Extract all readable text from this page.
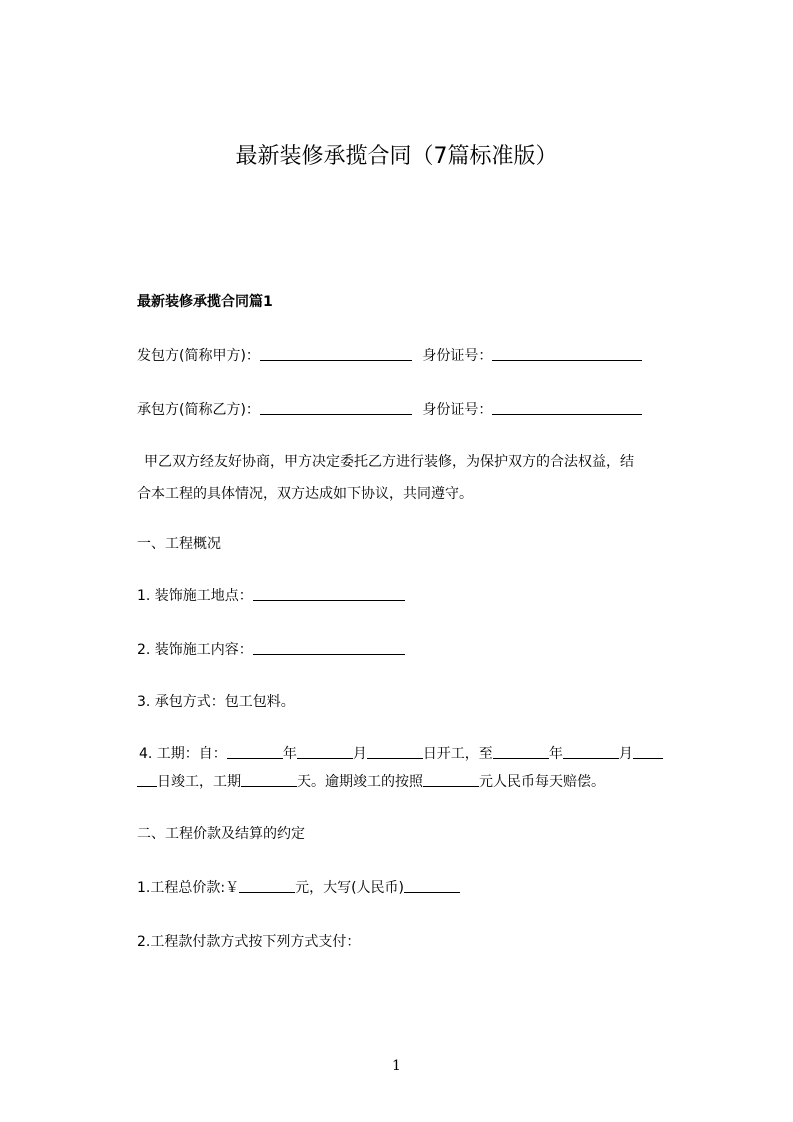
最新装修承揽合同（7篇标准版）
最新装修承揽合同篇1
发包方(简称甲方)：	身份证号：
承包方(简称乙方)：	身份证号：
甲乙双方经友好协商，甲方决定委托乙方进行装修，为保护双方的合法权益，结
合本工程的具体情况，双方达成如下协议，共同遵守。
一、工程概况
1. 装饰施工地点：
2. 装饰施工内容：
3. 承包方式：包工包料。
4. 工期：自：	年	月	日开工，至	年	月
日竣工，工期	天。逾期竣工的按照	元人民币每天赔偿。
二、工程价款及结算的约定
1.工程总价款:￥	元，大写(人民币)
2.工程款付款方式按下列方式支付：
1
